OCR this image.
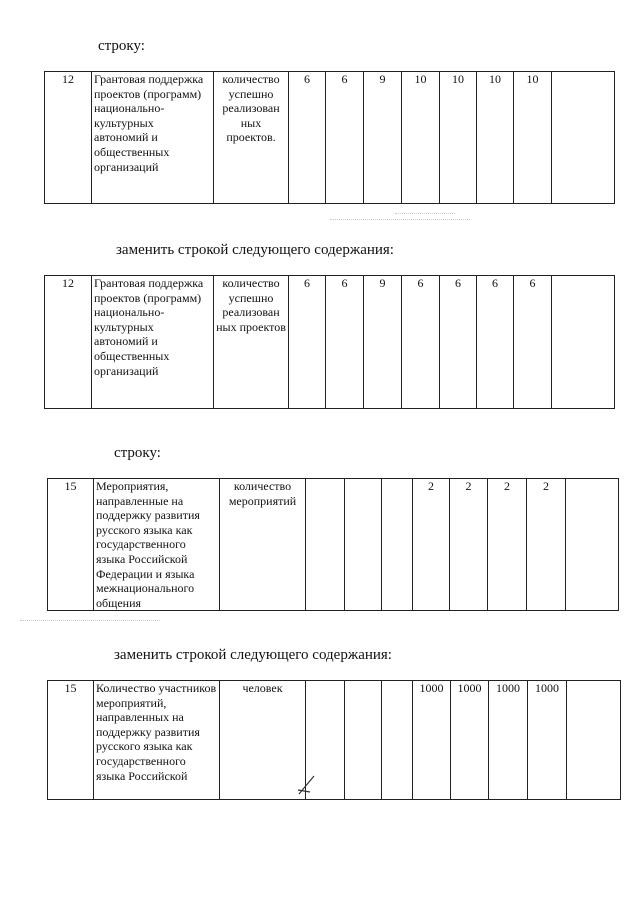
строку:
12	Грантовая поддержка проектов (программ) национально-культурных автономий и общественных организаций	количество успешно реализован ных проектов.	6	6	9	10	10	10	10	
заменить строкой следующего содержания:
12	Грантовая поддержка проектов (программ) национально-культурных автономий и общественных организаций	количество успешно реализован ных проектов	6	6	9	6	6	6	6	
строку:
15	Мероприятия, направленные на поддержку развития русского языка как государственного языка Российской Федерации и языка межнационального общения	количество мероприятий				2	2	2	2	
заменить строкой следующего содержания:
15	Количество участников мероприятий, направленных на поддержку развития русского языка как государственного языка Российской	человек				1000	1000	1000	1000	
